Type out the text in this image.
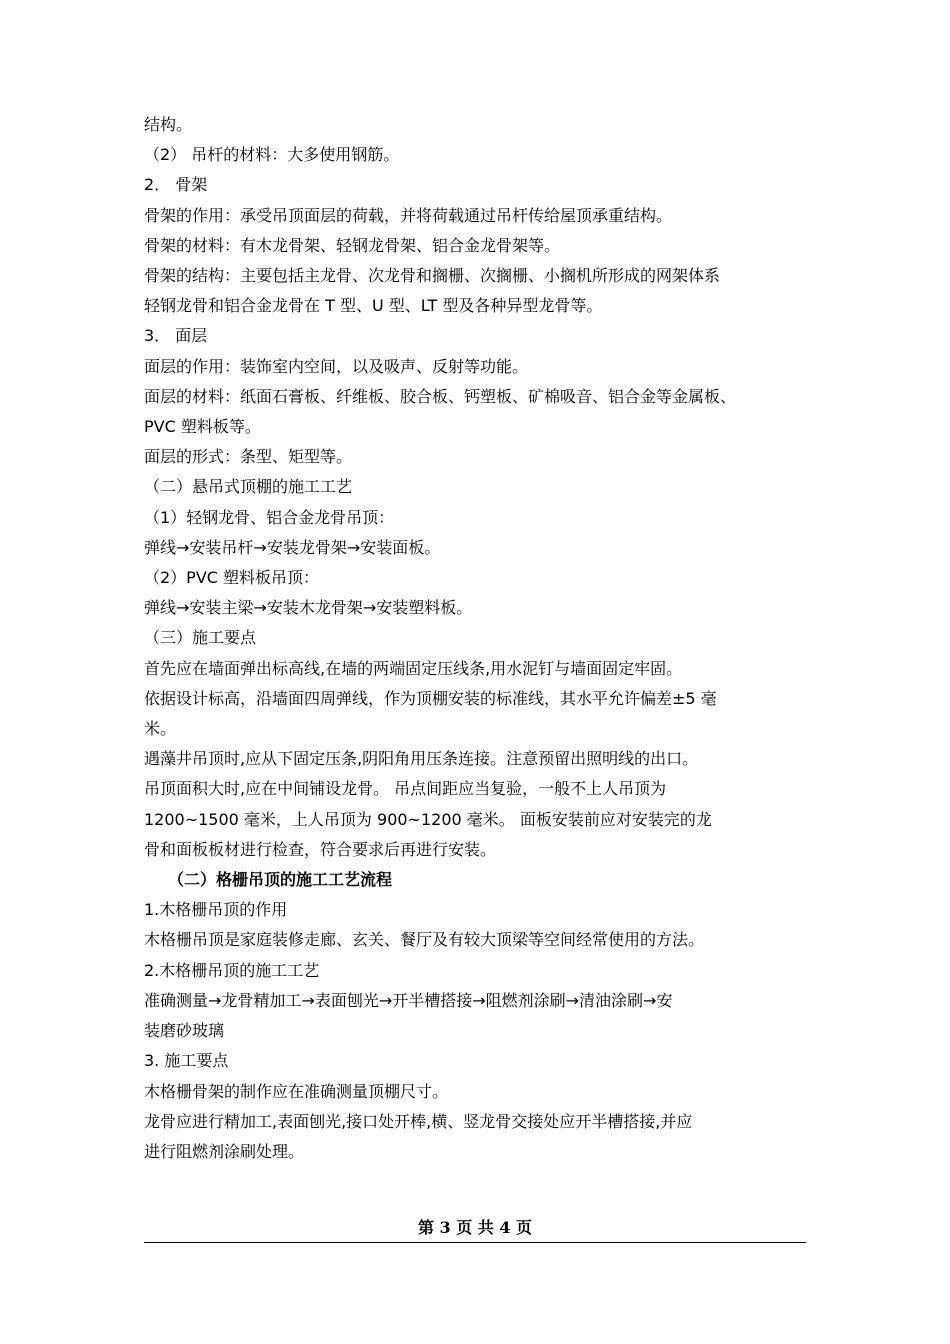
结构。
（2） 吊杆的材料：大多使用钢筋。
2． 骨架
骨架的作用：承受吊顶面层的荷载，并将荷载通过吊杆传给屋顶承重结构。
骨架的材料：有木龙骨架、轻钢龙骨架、铝合金龙骨架等。
骨架的结构：主要包括主龙骨、次龙骨和搁栅、次搁栅、小搁机所形成的网架体系
轻钢龙骨和铝合金龙骨在 T 型、U 型、LT 型及各种异型龙骨等。
3． 面层
面层的作用：装饰室内空间，以及吸声、反射等功能。
面层的材料：纸面石膏板、纤维板、胶合板、钙塑板、矿棉吸音、铝合金等金属板、
PVC 塑料板等。
面层的形式：条型、矩型等。
（二）悬吊式顶棚的施工工艺
（1）轻钢龙骨、铝合金龙骨吊顶：
弹线→安装吊杆→安装龙骨架→安装面板。
（2）PVC 塑料板吊顶：
弹线→安装主梁→安装木龙骨架→安装塑料板。
（三）施工要点
首先应在墙面弹出标高线,在墙的两端固定压线条,用水泥钉与墙面固定牢固。
依据设计标高，沿墙面四周弹线，作为顶棚安装的标准线，其水平允许偏差±5 毫
米。
遇藻井吊顶时,应从下固定压条,阴阳角用压条连接。注意预留出照明线的出口。
吊顶面积大时,应在中间铺设龙骨。 吊点间距应当复验，一般不上人吊顶为
1200~1500 毫米，上人吊顶为 900~1200 毫米。 面板安装前应对安装完的龙
骨和面板板材进行检查，符合要求后再进行安装。
（二）格栅吊顶的施工工艺流程
1.木格栅吊顶的作用
木格栅吊顶是家庭装修走廊、玄关、餐厅及有较大顶梁等空间经常使用的方法。
2.木格栅吊顶的施工工艺
准确测量→龙骨精加工→表面刨光→开半槽搭接→阻燃剂涂刷→清油涂刷→安
装磨砂玻璃
3. 施工要点
木格栅骨架的制作应在准确测量顶棚尺寸。
龙骨应进行精加工,表面刨光,接口处开棒,横、竖龙骨交接处应开半槽搭接,并应
进行阻燃剂涂刷处理。
第 3 页 共 4 页
